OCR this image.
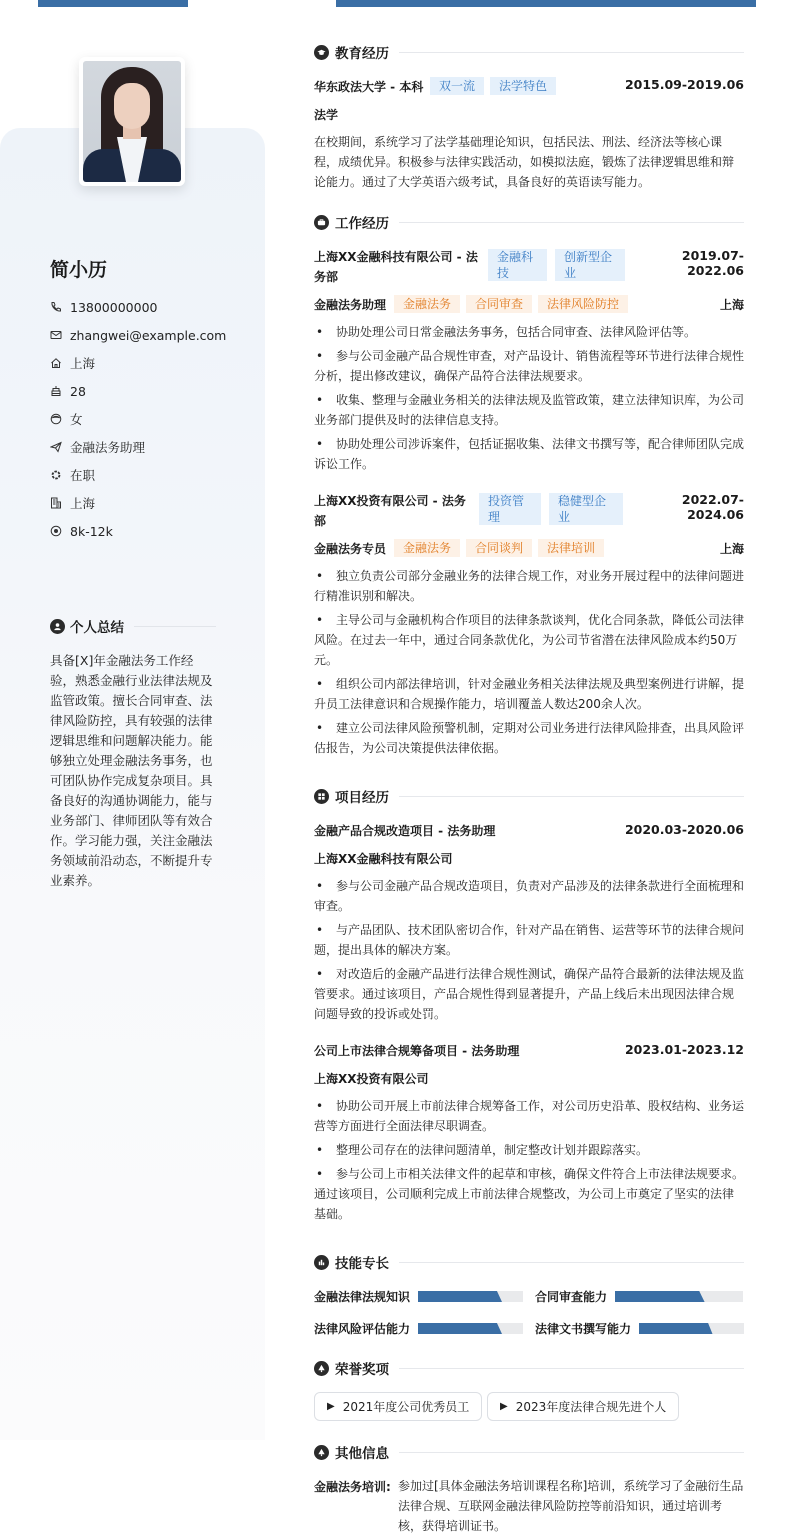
简小历
13800000000
zhangwei@example.com
上海
28
女
金融法务助理
在职
上海
8k-12k
个人总结
具备[X]年金融法务工作经验，熟悉金融行业法律法规及监管政策。擅长合同审查、法律风险防控，具有较强的法律逻辑思维和问题解决能力。能够独立处理金融法务事务，也可团队协作完成复杂项目。具备良好的沟通协调能力，能与业务部门、律师团队等有效合作。学习能力强，关注金融法务领域前沿动态，不断提升专业素养。
教育经历
华东政法大学 - 本科	双一流	法学特色	2015.09-2019.06
法学
在校期间，系统学习了法学基础理论知识，包括民法、刑法、经济法等核心课程，成绩优异。积极参与法律实践活动，如模拟法庭，锻炼了法律逻辑思维和辩论能力。通过了大学英语六级考试，具备良好的英语读写能力。
工作经历
上海XX金融科技有限公司 - 法务部
金融科技
创新型企业
2019.07-2022.06
金融法务助理	金融法务	合同审查	法律风险防控	上海
• 协助处理公司日常金融法务事务，包括合同审查、法律风险评估等。
• 参与公司金融产品合规性审查，对产品设计、销售流程等环节进行法律合规性分析，提出修改建议，确保产品符合法律法规要求。
• 收集、整理与金融业务相关的法律法规及监管政策，建立法律知识库，为公司业务部门提供及时的法律信息支持。
• 协助处理公司涉诉案件，包括证据收集、法律文书撰写等，配合律师团队完成诉讼工作。
上海XX投资有限公司 - 法务部
投资管理
稳健型企业
2022.07-2024.06
金融法务专员	金融法务	合同谈判	法律培训	上海
• 独立负责公司部分金融业务的法律合规工作，对业务开展过程中的法律问题进行精准识别和解决。
• 主导公司与金融机构合作项目的法律条款谈判，优化合同条款，降低公司法律风险。在过去一年中，通过合同条款优化，为公司节省潜在法律风险成本约50万元。
• 组织公司内部法律培训，针对金融业务相关法律法规及典型案例进行讲解，提升员工法律意识和合规操作能力，培训覆盖人数达200余人次。
• 建立公司法律风险预警机制，定期对公司业务进行法律风险排查，出具风险评估报告，为公司决策提供法律依据。
项目经历
金融产品合规改造项目 - 法务助理	2020.03-2020.06
上海XX金融科技有限公司
• 参与公司金融产品合规改造项目，负责对产品涉及的法律条款进行全面梳理和审查。
• 与产品团队、技术团队密切合作，针对产品在销售、运营等环节的法律合规问题，提出具体的解决方案。
• 对改造后的金融产品进行法律合规性测试，确保产品符合最新的法律法规及监管要求。通过该项目，产品合规性得到显著提升，产品上线后未出现因法律合规问题导致的投诉或处罚。
公司上市法律合规筹备项目 - 法务助理	2023.01-2023.12
上海XX投资有限公司
• 协助公司开展上市前法律合规筹备工作，对公司历史沿革、股权结构、业务运营等方面进行全面法律尽职调查。
• 整理公司存在的法律问题清单，制定整改计划并跟踪落实。
• 参与公司上市相关法律文件的起草和审核，确保文件符合上市法律法规要求。通过该项目，公司顺利完成上市前法律合规整改，为公司上市奠定了坚实的法律基础。
技能专长
金融法律法规知识	合同审查能力
法律风险评估能力	法律文书撰写能力
荣誉奖项
▶ 2021年度公司优秀员工	▶ 2023年度法律合规先进个人
其他信息
金融法务培训: 参加过[具体金融法务培训课程名称]培训，系统学习了金融衍生品法律合规、互联网金融法律风险防控等前沿知识，通过培训考核，获得培训证书。
